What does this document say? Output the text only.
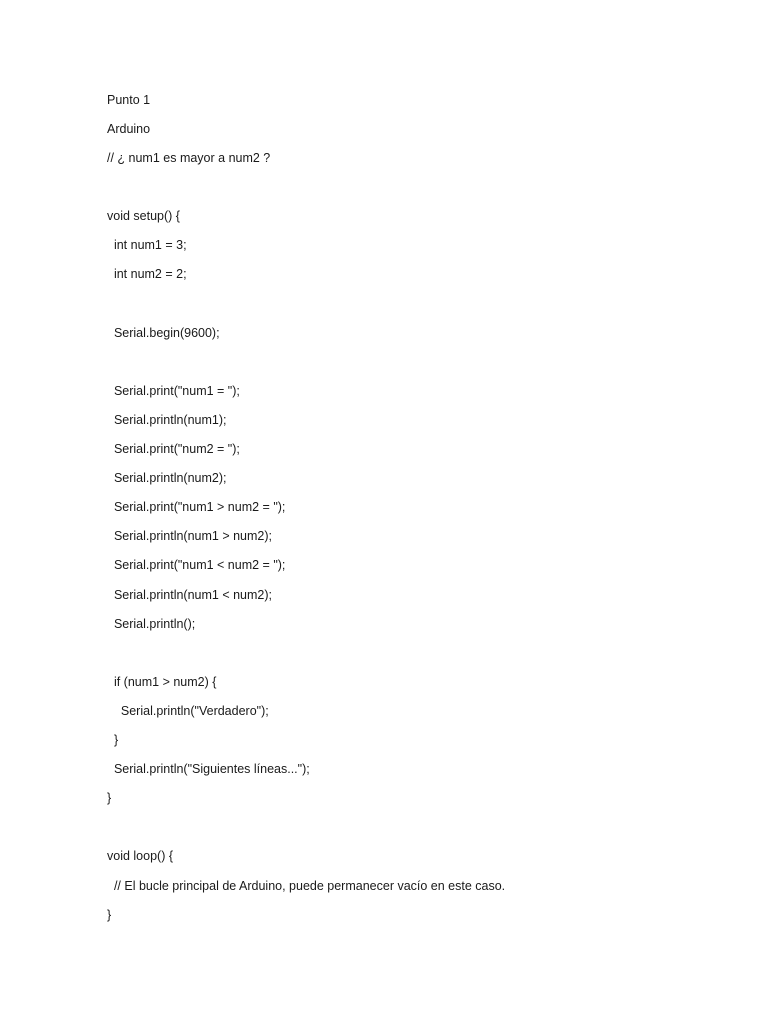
Punto 1
Arduino
// ¿ num1 es mayor a num2 ?
void setup() {
int num1 = 3;
int num2 = 2;
Serial.begin(9600);
Serial.print("num1 = ");
Serial.println(num1);
Serial.print("num2 = ");
Serial.println(num2);
Serial.print("num1 > num2 = ");
Serial.println(num1 > num2);
Serial.print("num1 < num2 = ");
Serial.println(num1 < num2);
Serial.println();
if (num1 > num2) {
Serial.println("Verdadero");
}
Serial.println("Siguientes líneas...");
}
void loop() {
// El bucle principal de Arduino, puede permanecer vacío en este caso.
}
